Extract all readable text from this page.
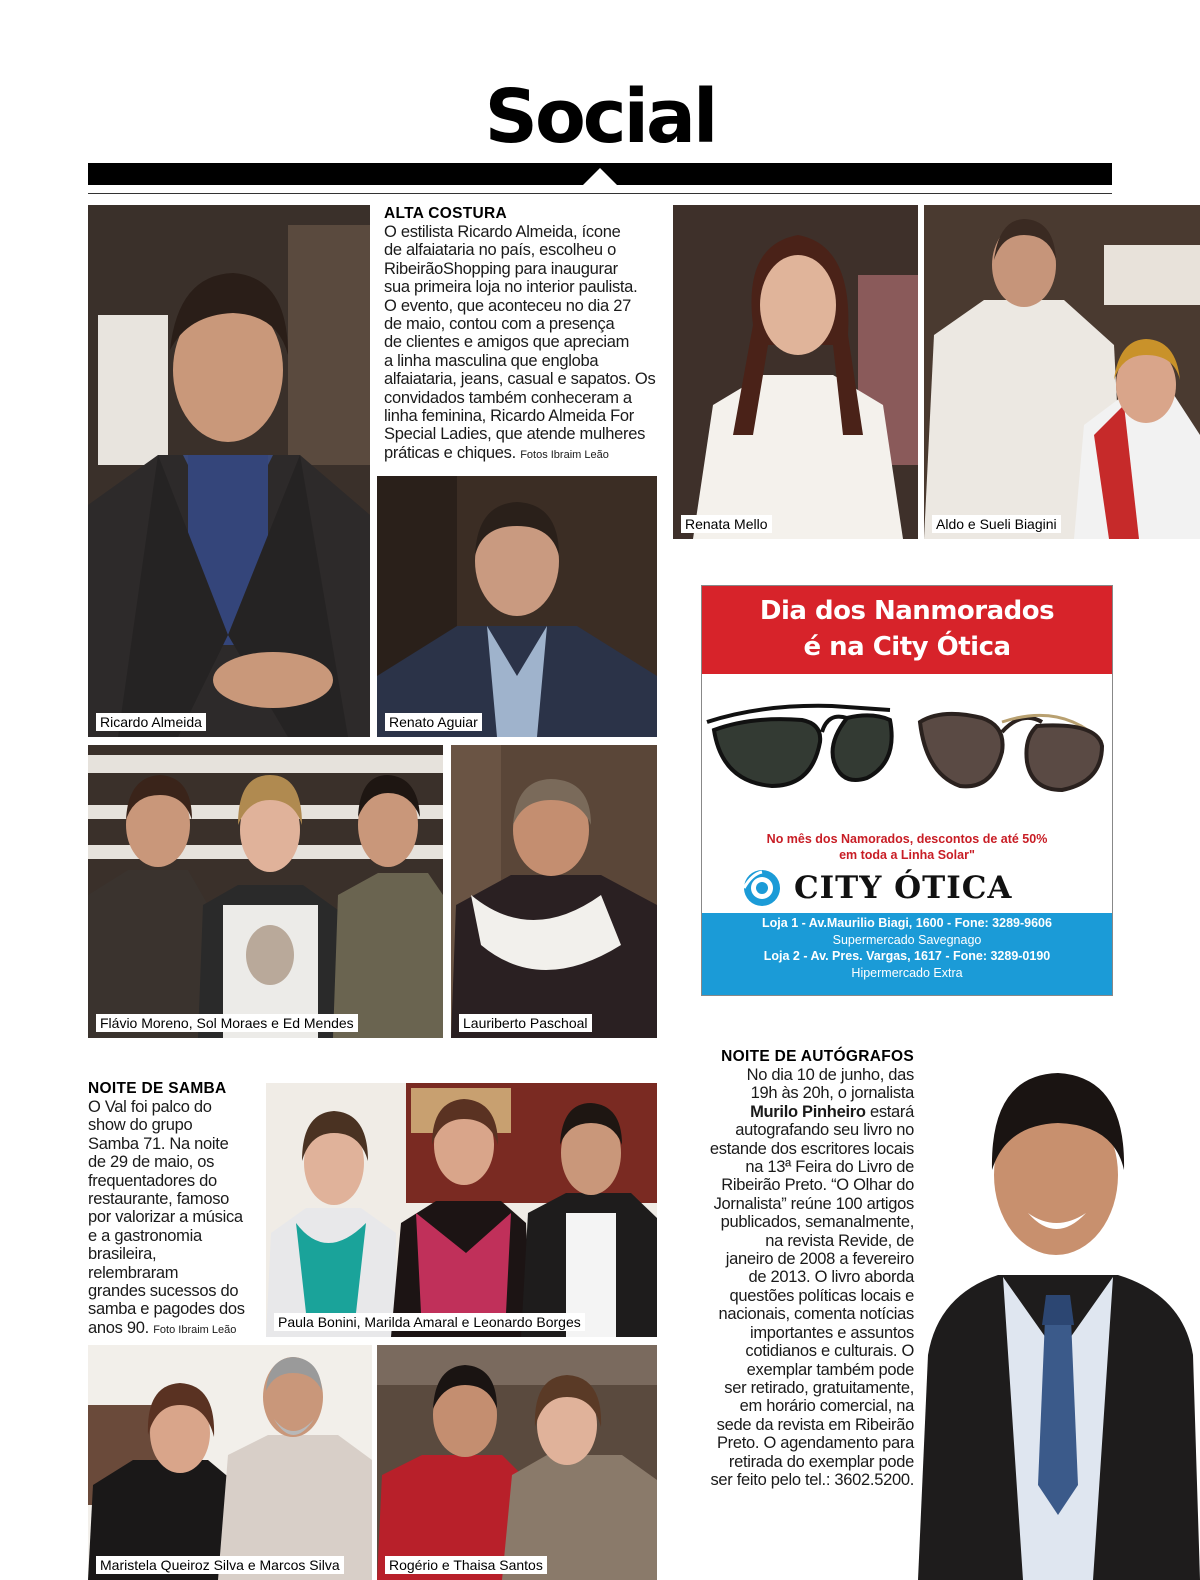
Social
Ricardo Almeida
ALTA COSTURA
O estilista Ricardo Almeida, ícone
de alfaiataria no país, escolheu o
RibeirãoShopping para inaugurar
sua primeira loja no interior paulista.
O evento, que aconteceu no dia 27
de maio, contou com a presença
de clientes e amigos que apreciam
a linha masculina que engloba
alfaiataria, jeans, casual e sapatos. Os
convidados também conheceram a
linha feminina, Ricardo Almeida For
Special Ladies, que atende mulheres
práticas e chiques. Fotos Ibraim Leão
Renato Aguiar
Renata Mello	Aldo e Sueli Biagini
Dia dos Nanmorados
é na City Ótica
No mês dos Namorados, descontos de até 50%
em toda a Linha Solar"
CITY ÓTICA
Loja 1 - Av.Maurilio Biagi, 1600 - Fone: 3289-9606
Supermercado Savegnago
Loja 2 - Av. Pres. Vargas, 1617 - Fone: 3289-0190
Hipermercado Extra
Flávio Moreno, Sol Moraes e Ed Mendes	Lauriberto Paschoal
NOITE DE AUTÓGRAFOS
No dia 10 de junho, das
19h às 20h, o jornalista
Murilo Pinheiro estará
autografando seu livro no
estande dos escritores locais
na 13ª Feira do Livro de
Ribeirão Preto. “O Olhar do
Jornalista” reúne 100 artigos
publicados, semanalmente,
na revista Revide, de
janeiro de 2008 a fevereiro
de 2013. O livro aborda
questões políticas locais e
nacionais, comenta notícias
importantes e assuntos
cotidianos e culturais. O
exemplar também pode
ser retirado, gratuitamente,
em horário comercial, na
sede da revista em Ribeirão
Preto. O agendamento para
retirada do exemplar pode
ser feito pelo tel.: 3602.5200.
NOITE DE SAMBA
O Val foi palco do
show do grupo
Samba 71. Na noite
de 29 de maio, os
frequentadores do
restaurante, famoso
por valorizar a música
e a gastronomia
brasileira,
relembraram
grandes sucessos do
samba e pagodes dos
anos 90. Foto Ibraim Leão	Paula Bonini, Marilda Amaral e Leonardo Borges
Maristela Queiroz Silva e Marcos Silva	Rogério e Thaisa Santos
